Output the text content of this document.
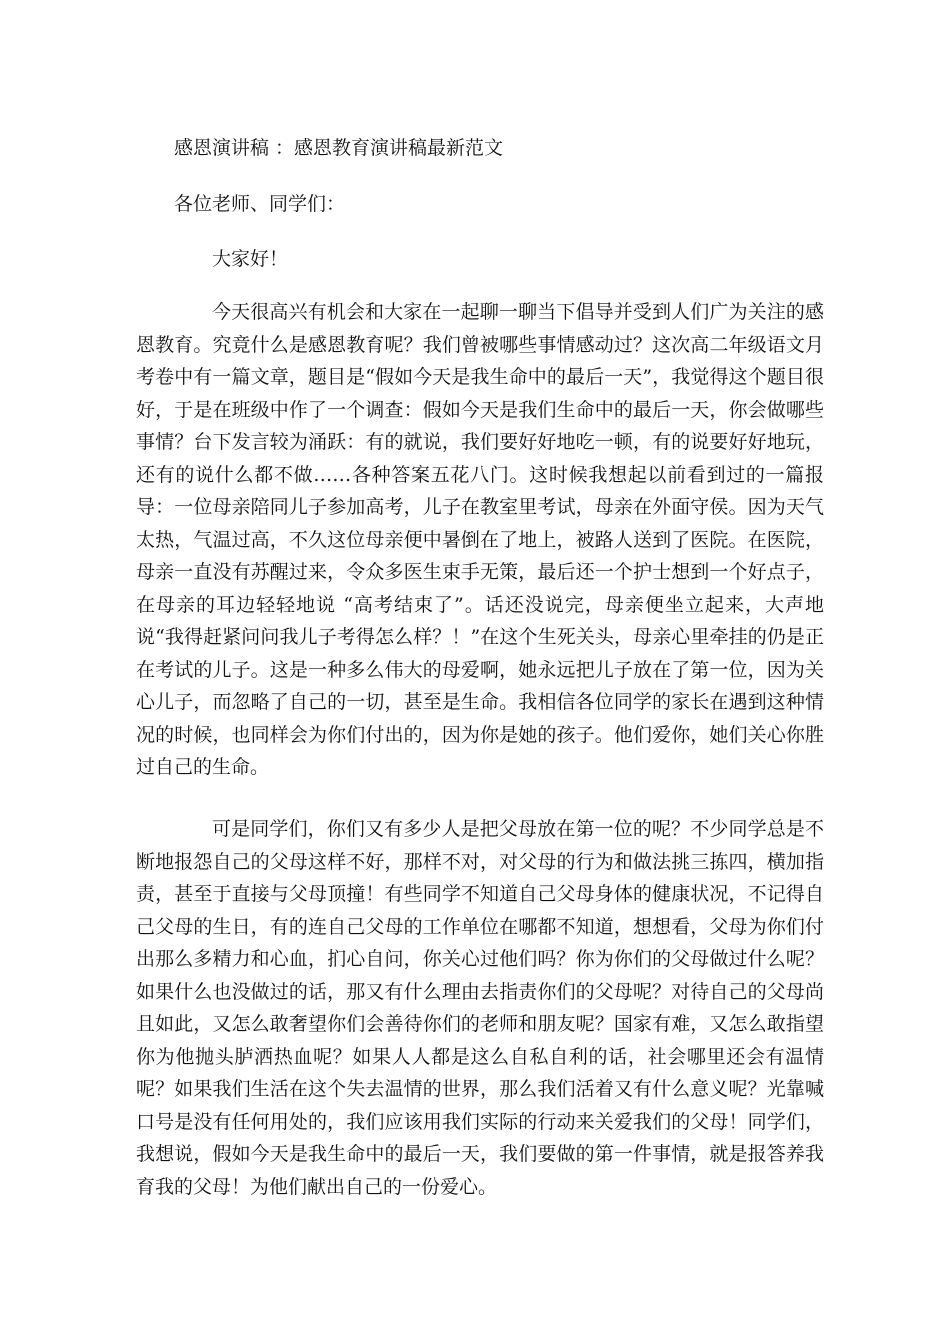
感恩演讲稿 ：感恩教育演讲稿最新范文

各位老师、同学们：

大家好！

今天很高兴有机会和大家在一起聊一聊当下倡导并受到人们广为关注的感恩教育。究竟什么是感恩教育呢？我们曾被哪些事情感动过？这次高二年级语文月考卷中有一篇文章，题目是“假如今天是我生命中的最后一天”，我觉得这个题目很好，于是在班级中作了一个调查：假如今天是我们生命中的最后一天，你会做哪些事情？台下发言较为涌跃：有的就说，我们要好好地吃一顿，有的说要好好地玩，还有的说什么都不做……各种答案五花八门。这时候我想起以前看到过的一篇报导：一位母亲陪同儿子参加高考，儿子在教室里考试，母亲在外面守侯。因为天气太热，气温过高，不久这位母亲便中暑倒在了地上，被路人送到了医院。在医院，母亲一直没有苏醒过来，令众多医生束手无策，最后还一个护士想到一个好点子，在母亲的耳边轻轻地说 “高考结束了”。话还没说完，母亲便坐立起来，大声地说“我得赶紧问问我儿子考得怎么样？！”在这个生死关头，母亲心里牵挂的仍是正在考试的儿子。这是一种多么伟大的母爱啊，她永远把儿子放在了第一位，因为关心儿子，而忽略了自己的一切，甚至是生命。我相信各位同学的家长在遇到这种情况的时候，也同样会为你们付出的，因为你是她的孩子。他们爱你，她们关心你胜过自己的生命。

可是同学们，你们又有多少人是把父母放在第一位的呢？不少同学总是不断地报怨自己的父母这样不好，那样不对，对父母的行为和做法挑三拣四，横加指责，甚至于直接与父母顶撞！有些同学不知道自己父母身体的健康状况，不记得自己父母的生日，有的连自己父母的工作单位在哪都不知道，想想看，父母为你们付出那么多精力和心血，扪心自问，你关心过他们吗？你为你们的父母做过什么呢？如果什么也没做过的话，那又有什么理由去指责你们的父母呢？对待自己的父母尚且如此，又怎么敢奢望你们会善待你们的老师和朋友呢？国家有难，又怎么敢指望你为他抛头胪洒热血呢？如果人人都是这么自私自利的话，社会哪里还会有温情呢？如果我们生活在这个失去温情的世界，那么我们活着又有什么意义呢？光靠喊口号是没有任何用处的，我们应该用我们实际的行动来关爱我们的父母！同学们，我想说，假如今天是我生命中的最后一天，我们要做的第一件事情，就是报答养我育我的父母！为他们献出自己的一份爱心。
